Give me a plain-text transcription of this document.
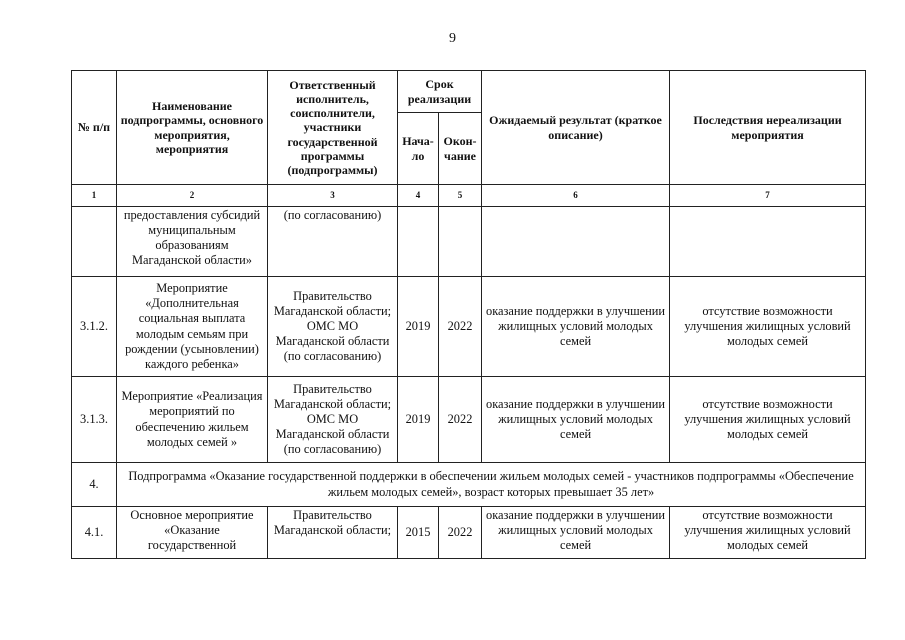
9
№ п/п	Наименование подпрограммы, основного мероприятия, мероприятия	Ответственный исполнитель, соисполнители, участники государственной программы (подпрограммы)	Срок реализации		Ожидаемый результат (краткое описание)	Последствия нереализации мероприятия
			Нача-ло	Окон-чание		
1	2	3	4	5	6	7
	предоставления субсидий муниципальным образованиям Магаданской области»	(по согласованию)				
3.1.2.	Мероприятие «Дополнительная социальная выплата молодым семьям при рождении (усыновлении) каждого ребенка»	Правительство Магаданской области; ОМС МО Магаданской области (по согласованию)	2019	2022	оказание поддержки в улучшении жилищных условий молодых семей	отсутствие возможности улучшения жилищных условий молодых семей
3.1.3.	Мероприятие «Реализация мероприятий по обеспечению жильем молодых семей »	Правительство Магаданской области; ОМС МО Магаданской области (по согласованию)	2019	2022	оказание поддержки в улучшении жилищных условий молодых семей	отсутствие возможности улучшения жилищных условий молодых семей
4.	Подпрограмма «Оказание государственной поддержки в обеспечении жильем молодых семей - участников подпрограммы «Обеспечение жильем молодых семей», возраст которых превышает 35 лет»					
4.1.	Основное мероприятие «Оказание государственной	Правительство Магаданской области;	2015	2022	оказание поддержки в улучшении жилищных условий молодых семей	отсутствие возможности улучшения жилищных условий молодых семей
